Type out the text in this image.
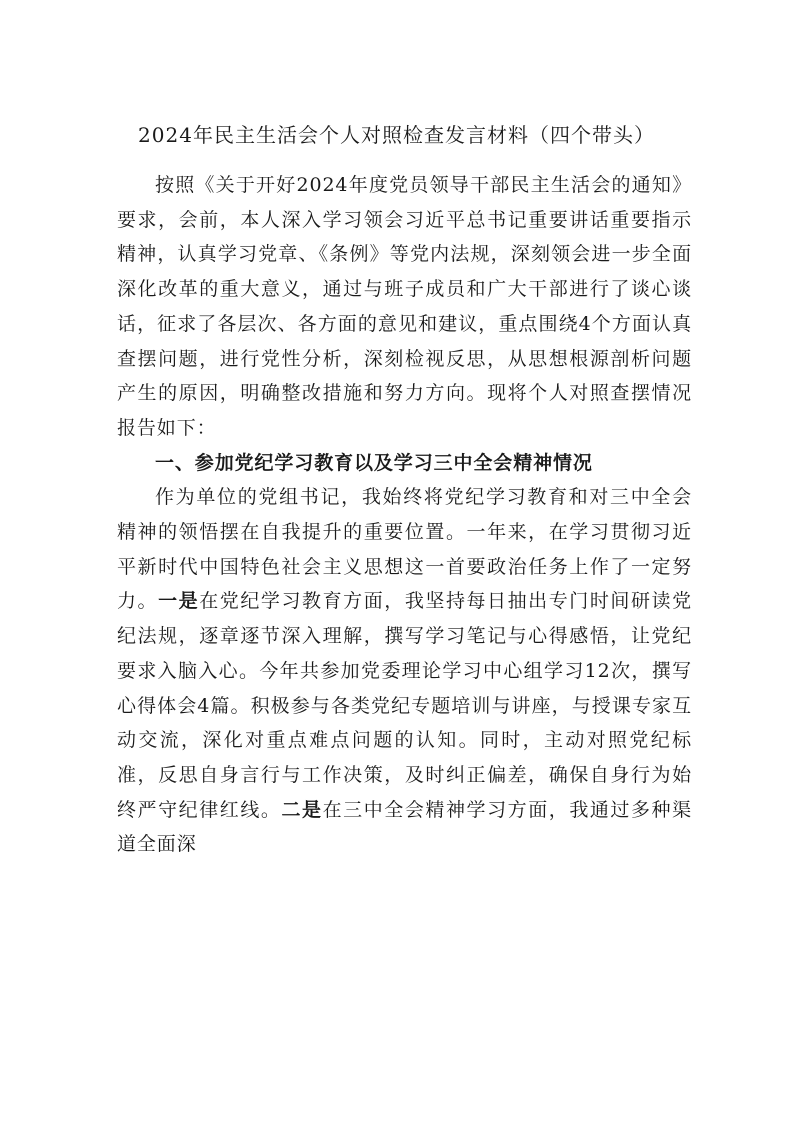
2024年民主生活会个人对照检查发言材料（四个带头）

按照《关于开好2024年度党员领导干部民主生活会的通知》要求，会前，本人深入学习领会习近平总书记重要讲话重要指示精神，认真学习党章、《条例》等党内法规，深刻领会进一步全面深化改革的重大意义，通过与班子成员和广大干部进行了谈心谈话，征求了各层次、各方面的意见和建议，重点围绕4个方面认真查摆问题，进行党性分析，深刻检视反思，从思想根源剖析问题产生的原因，明确整改措施和努力方向。现将个人对照查摆情况报告如下：

一、参加党纪学习教育以及学习三中全会精神情况

作为单位的党组书记，我始终将党纪学习教育和对三中全会精神的领悟摆在自我提升的重要位置。一年来，在学习贯彻习近平新时代中国特色社会主义思想这一首要政治任务上作了一定努力。一是在党纪学习教育方面，我坚持每日抽出专门时间研读党纪法规，逐章逐节深入理解，撰写学习笔记与心得感悟，让党纪要求入脑入心。今年共参加党委理论学习中心组学习12次，撰写心得体会4篇。积极参与各类党纪专题培训与讲座，与授课专家互动交流，深化对重点难点问题的认知。同时，主动对照党纪标准，反思自身言行与工作决策，及时纠正偏差，确保自身行为始终严守纪律红线。二是在三中全会精神学习方面，我通过多种渠道全面深
